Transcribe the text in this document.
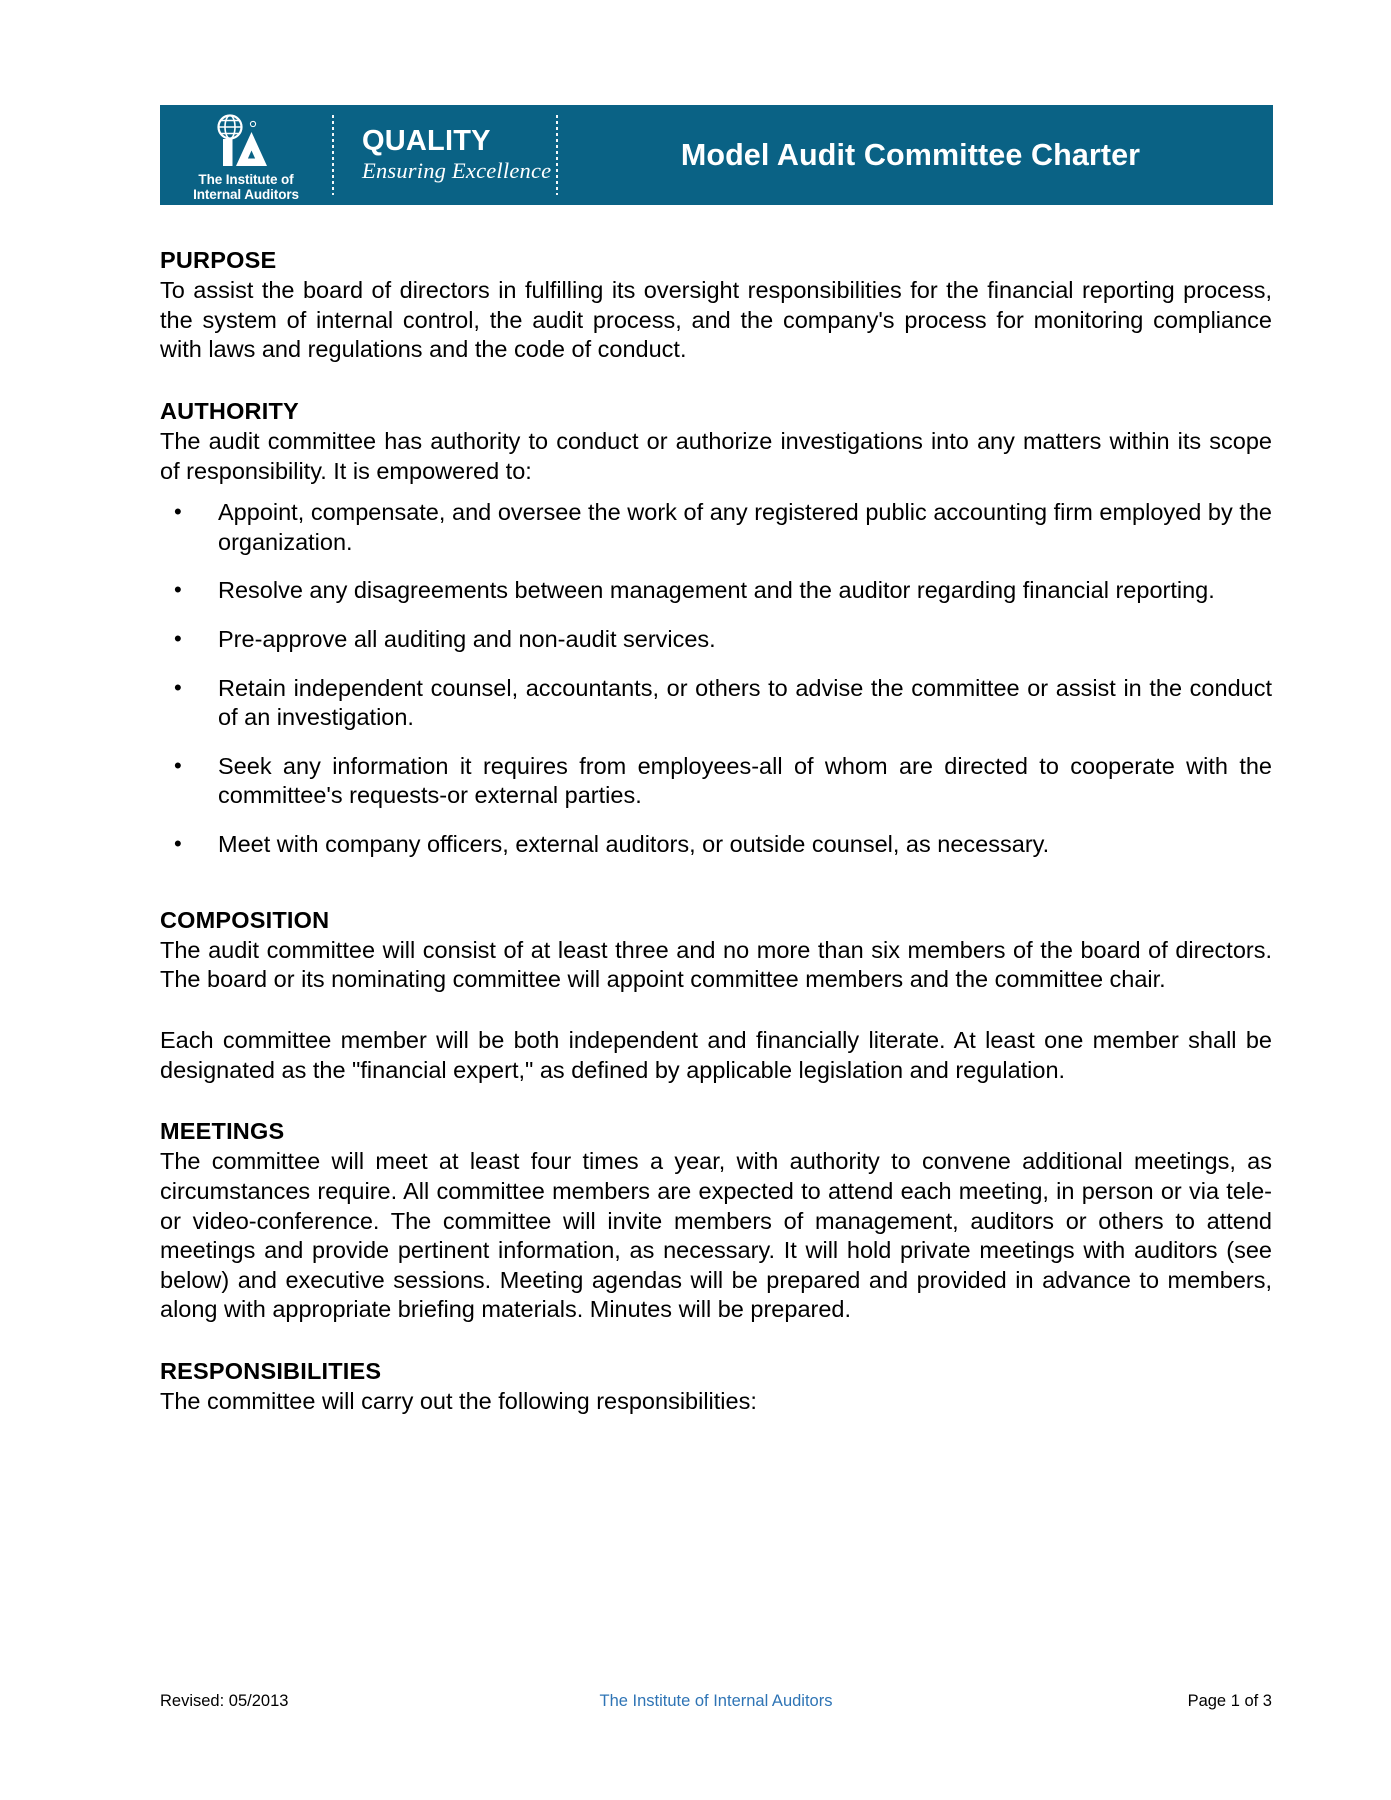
The Institute of
Internal Auditors
QUALITY
Ensuring Excellence	Model Audit Committee Charter
PURPOSE

To assist the board of directors in fulfilling its oversight responsibilities for the financial reporting process, the system of internal control, the audit process, and the company's process for monitoring compliance with laws and regulations and the code of conduct.

AUTHORITY

The audit committee has authority to conduct or authorize investigations into any matters within its scope of responsibility. It is empowered to:

• Appoint, compensate, and oversee the work of any registered public accounting firm employed by the organization.
• Resolve any disagreements between management and the auditor regarding financial reporting.
• Pre-approve all auditing and non-audit services.
• Retain independent counsel, accountants, or others to advise the committee or assist in the conduct of an investigation.
• Seek any information it requires from employees-all of whom are directed to cooperate with the committee's requests-or external parties.
• Meet with company officers, external auditors, or outside counsel, as necessary.
COMPOSITION

The audit committee will consist of at least three and no more than six members of the board of directors. The board or its nominating committee will appoint committee members and the committee chair.

Each committee member will be both independent and financially literate. At least one member shall be designated as the "financial expert," as defined by applicable legislation and regulation.

MEETINGS

The committee will meet at least four times a year, with authority to convene additional meetings, as circumstances require. All committee members are expected to attend each meeting, in person or via tele- or video-conference. The committee will invite members of management, auditors or others to attend meetings and provide pertinent information, as necessary. It will hold private meetings with auditors (see below) and executive sessions. Meeting agendas will be prepared and provided in advance to members, along with appropriate briefing materials. Minutes will be prepared.

RESPONSIBILITIES

The committee will carry out the following responsibilities:

Revised: 05/2013	The Institute of Internal Auditors	Page 1 of 3
